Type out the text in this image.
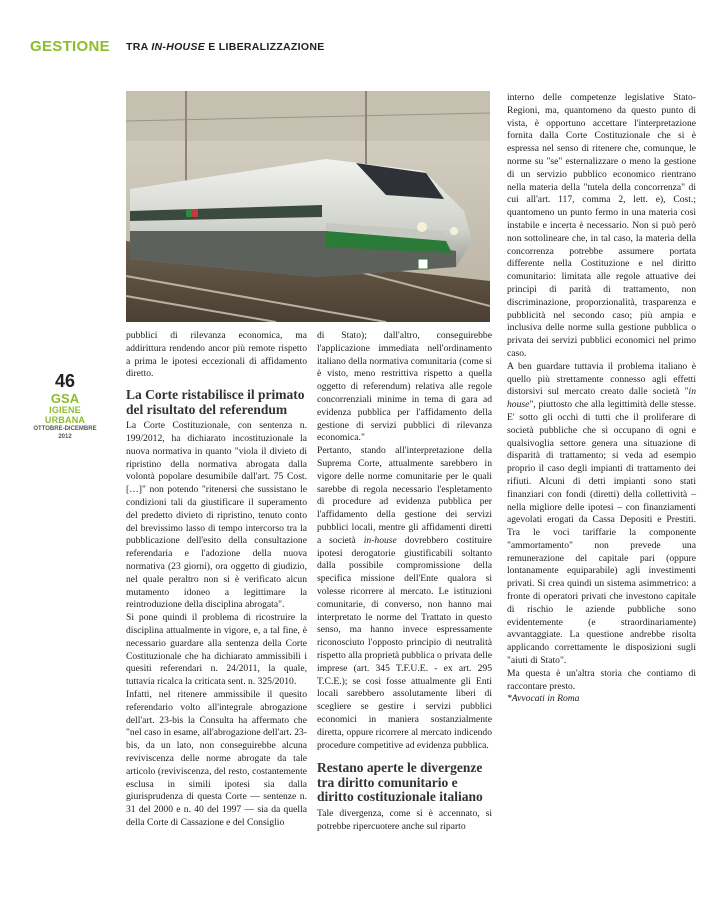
GESTIONE TRA IN-HOUSE E LIBERALIZZAZIONE
46
GSA
IGIENE URBANA
OTTOBRE-DICEMBRE 2012

pubblici di rilevanza economica, ma addirittura rendendo ancor più remote rispetto a prima le ipotesi eccezionali di affidamento diretto.

La Corte ristabilisce il primato del risultato del referendum

La Corte Costituzionale, con sentenza n. 199/2012, ha dichiarato incostituzionale la nuova normativa in quanto "viola il divieto di ripristino della normativa abrogata dalla volontà popolare desumibile dall'art. 75 Cost. […]" non potendo "ritenersi che sussistano le condizioni tali da giustificare il superamento del predetto divieto di ripristino, tenuto conto del brevissimo lasso di tempo intercorso tra la pubblicazione dell'esito della consultazione referendaria e l'adozione della nuova normativa (23 giorni), ora oggetto di giudizio, nel quale peraltro non si è verificato alcun mutamento idoneo a legittimare la reintroduzione della disciplina abrogata".

Si pone quindi il problema di ricostruire la disciplina attualmente in vigore, e, a tal fine, è necessario guardare alla sentenza della Corte Costituzionale che ha dichiarato ammissibili i quesiti referendari n. 24/2011, la quale, tuttavia ricalca la criticata sent. n. 325/2010.

Infatti, nel ritenere ammissibile il quesito referendario volto all'integrale abrogazione dell'art. 23-bis la Consulta ha affermato che "nel caso in esame, all'abrogazione dell'art. 23-bis, da un lato, non conseguirebbe alcuna reviviscenza delle norme abrogate da tale articolo (reviviscenza, del resto, costantemente esclusa in simili ipotesi sia dalla giurisprudenza di questa Corte — sentenze n. 31 del 2000 e n. 40 del 1997 — sia da quella della Corte di Cassazione e del Consiglio

di Stato); dall'altro, conseguirebbe l'applicazione immediata nell'ordinamento italiano della normativa comunitaria (come si è visto, meno restrittiva rispetto a quella oggetto di referendum) relativa alle regole concorrenziali minime in tema di gara ad evidenza pubblica per l'affidamento della gestione di servizi pubblici di rilevanza economica."

Pertanto, stando all'interpretazione della Suprema Corte, attualmente sarebbero in vigore delle norme comunitarie per le quali sarebbe di regola necessario l'espletamento di procedure ad evidenza pubblica per l'affidamento della gestione dei servizi pubblici locali, mentre gli affidamenti diretti a società in-house dovrebbero costituire ipotesi derogatorie giustificabili soltanto dalla possibile compromissione della specifica missione dell'Ente qualora si volesse ricorrere al mercato. Le istituzioni comunitarie, di converso, non hanno mai interpretato le norme del Trattato in questo senso, ma hanno invece espressamente riconosciuto l'opposto principio di neutralità rispetto alla proprietà pubblica o privata delle imprese (art. 345 T.F.U.E. - ex art. 295 T.C.E.); se così fosse attualmente gli Enti locali sarebbero assolutamente liberi di scegliere se gestire i servizi pubblici economici in maniera sostanzialmente diretta, oppure ricorrere al mercato indicendo procedure competitive ad evidenza pubblica.

Restano aperte le divergenze tra diritto comunitario e diritto costituzionale italiano

Tale divergenza, come si è accennato, si potrebbe ripercuotere anche sul riparto

interno delle competenze legislative Stato-Regioni, ma, quantomeno da questo punto di vista, è opportuno accettare l'interpretazione fornita dalla Corte Costituzionale che si è espressa nel senso di ritenere che, comunque, le norme su "se" esternalizzare o meno la gestione di un servizio pubblico economico rientrano nella materia della "tutela della concorrenza" di cui all'art. 117, comma 2, lett. e), Cost.; quantomeno un punto fermo in una materia così instabile e incerta è necessario. Non si può però non sottolineare che, in tal caso, la materia della concorrenza potrebbe assumere portata differente nella Costituzione e nel diritto comunitario: limitata alle regole attuative dei principi di parità di trattamento, non discriminazione, proporzionalità, trasparenza e pubblicità nel secondo caso; più ampia e inclusiva delle norme sulla gestione pubblica o privata dei servizi pubblici economici nel primo caso.

A ben guardare tuttavia il problema italiano è quello più strettamente connesso agli effetti distorsivi sul mercato creato dalle società "in house", piuttosto che alla legittimità delle stesse. E' sotto gli occhi di tutti che il proliferare di società pubbliche che si occupano di ogni e qualsivoglia settore genera una situazione di disparità di trattamento; si veda ad esempio proprio il caso degli impianti di trattamento dei rifiuti. Alcuni di detti impianti sono stati finanziari con fondi (diretti) della collettività – nella migliore delle ipotesi – con finanziamenti agevolati erogati da Cassa Depositi e Prestiti. Tra le voci tariffarie la componente "ammortamento" non prevede una remunerazione del capitale pari (oppure lontanamente equiparabile) agli investimenti privati. Si crea quindi un sistema asimmetrico: a fronte di operatori privati che investono capitale di rischio le aziende pubbliche sono evidentemente (e straordinariamente) avvantaggiate. La questione andrebbe risolta applicando correttamente le disposizioni sugli "aiuti di Stato".

Ma questa è un'altra storia che contiamo di raccontare presto.

*Avvocati in Roma
